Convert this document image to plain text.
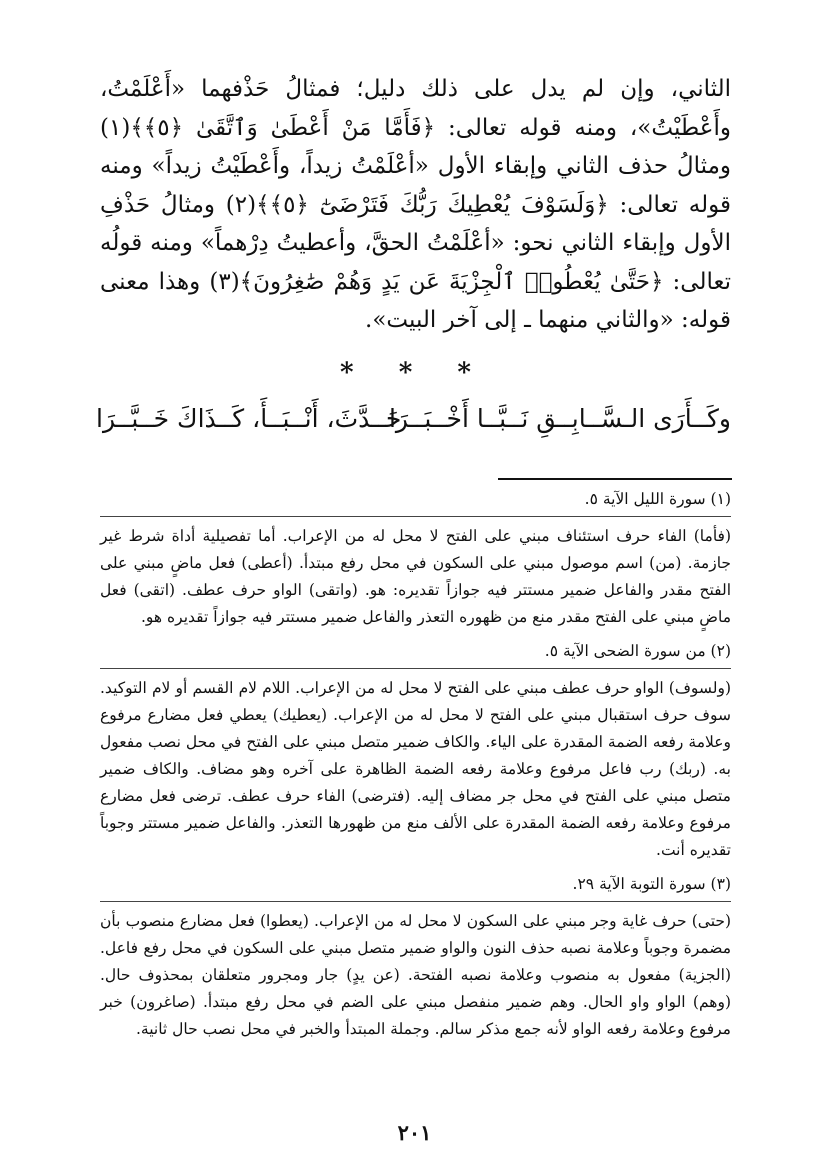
الثاني، وإن لم يدل على ذلك دليل؛ فمثالُ حَذْفهما «أَعْلَمْتُ، وأَعْطَيْتُ»، ومنه قوله تعالى: ﴿فَأَمَّا مَنْ أَعْطَىٰ وَٱتَّقَىٰ ﴿٥﴾﴾(١) ومثالُ حذف الثاني وإبقاء الأول «أعْلَمْتُ زيداً، وأَعْطَيْتُ زيداً» ومنه قوله تعالى: ﴿وَلَسَوْفَ يُعْطِيكَ رَبُّكَ فَتَرْضَىٰٓ ﴿٥﴾﴾(٢) ومثالُ حَذْفِ الأول وإبقاء الثاني نحو: «أعْلَمْتُ الحقَّ، وأعطيتُ دِرْهماً» ومنه قولُه تعالى: ﴿حَتَّىٰ يُعْطُوا۟ ٱلْجِزْيَةَ عَن يَدٍ وَهُمْ صَٰغِرُونَ﴾(٣) وهذا معنى قوله: «والثاني منهما ـ إلى آخر البيت».

* * *
وكَــأَرَى الـسَّــابِــقِ نَــبَّــا أَخْــبَــرَا
حَــدَّثَ، أَنْــبَــأَ، كَــذَاكَ خَــبَّــرَا

(١) سورة الليل الآية ٥.

(فأما) الفاء حرف استئناف مبني على الفتح لا محل له من الإعراب. أما تفصيلية أداة شرط غير جازمة. (من) اسم موصول مبني على السكون في محل رفع مبتدأ. (أعطى) فعل ماضٍ مبني على الفتح مقدر والفاعل ضمير مستتر فيه جوازاً تقديره: هو. (واتقى) الواو حرف عطف. (اتقى) فعل ماضٍ مبني على الفتح مقدر منع من ظهوره التعذر والفاعل ضمير مستتر فيه جوازاً تقديره هو.

(٢) من سورة الضحى الآية ٥.

(ولسوف) الواو حرف عطف مبني على الفتح لا محل له من الإعراب. اللام لام القسم أو لام التوكيد. سوف حرف استقبال مبني على الفتح لا محل له من الإعراب. (يعطيك) يعطي فعل مضارع مرفوع وعلامة رفعه الضمة المقدرة على الياء. والكاف ضمير متصل مبني على الفتح في محل نصب مفعول به. (ربك) رب فاعل مرفوع وعلامة رفعه الضمة الظاهرة على آخره وهو مضاف. والكاف ضمير متصل مبني على الفتح في محل جر مضاف إليه. (فترضى) الفاء حرف عطف. ترضى فعل مضارع مرفوع وعلامة رفعه الضمة المقدرة على الألف منع من ظهورها التعذر. والفاعل ضمير مستتر وجوباً تقديره أنت.

(٣) سورة التوبة الآية ٢٩.

(حتى) حرف غاية وجر مبني على السكون لا محل له من الإعراب. (يعطوا) فعل مضارع منصوب بأن مضمرة وجوباً وعلامة نصبه حذف النون والواو ضمير متصل مبني على السكون في محل رفع فاعل. (الجزية) مفعول به منصوب وعلامة نصبه الفتحة. (عن يدٍ) جار ومجرور متعلقان بمحذوف حال. (وهم) الواو واو الحال. وهم ضمير منفصل مبني على الضم في محل رفع مبتدأ. (صاغرون) خبر مرفوع وعلامة رفعه الواو لأنه جمع مذكر سالم. وجملة المبتدأ والخبر في محل نصب حال ثانية.

٢٠١
